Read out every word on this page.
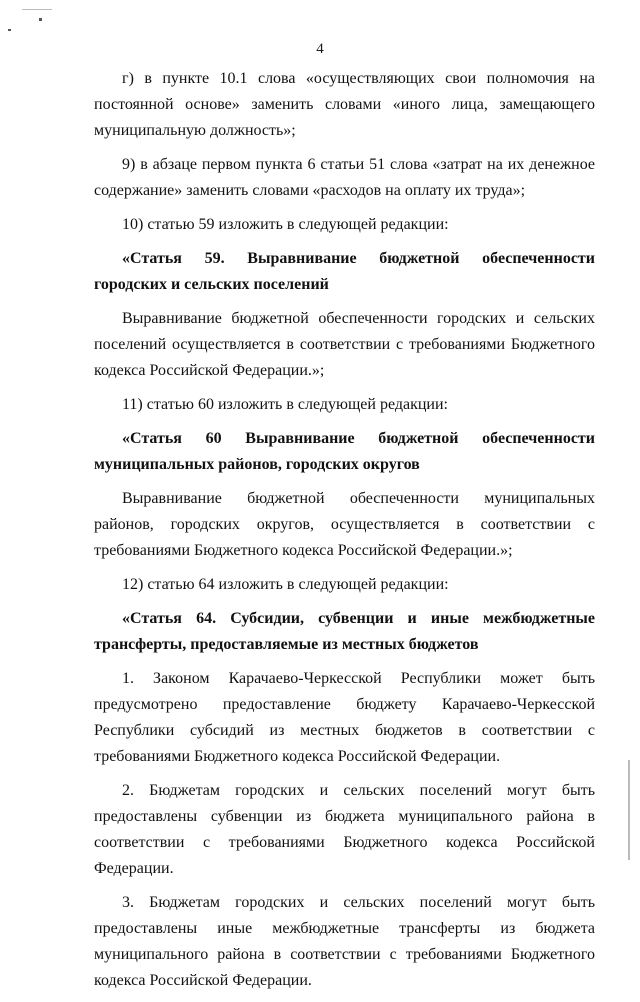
4

г) в пункте 10.1 слова «осуществляющих свои полномочия на постоянной основе» заменить словами «иного лица, замещающего муниципальную должность»;

9) в абзаце первом пункта 6 статьи 51 слова «затрат на их денежное содержание» заменить словами «расходов на оплату их труда»;

10) статью 59 изложить в следующей редакции:

«Статья 59. Выравнивание бюджетной обеспеченности городских и сельских поселений

Выравнивание бюджетной обеспеченности городских и сельских поселений осуществляется в соответствии с требованиями Бюджетного кодекса Российской Федерации.»;

11) статью 60 изложить в следующей редакции:

«Статья 60 Выравнивание бюджетной обеспеченности муниципальных районов, городских округов

Выравнивание бюджетной обеспеченности муниципальных районов, городских округов, осуществляется в соответствии с требованиями Бюджетного кодекса Российской Федерации.»;

12) статью 64 изложить в следующей редакции:

«Статья 64. Субсидии, субвенции и иные межбюджетные трансферты, предоставляемые из местных бюджетов

1. Законом Карачаево-Черкесской Республики может быть предусмотрено предоставление бюджету Карачаево-Черкесской Республики субсидий из местных бюджетов в соответствии с требованиями Бюджетного кодекса Российской Федерации.

2. Бюджетам городских и сельских поселений могут быть предоставлены субвенции из бюджета муниципального района в соответствии с требованиями Бюджетного кодекса Российской Федерации.

3. Бюджетам городских и сельских поселений могут быть предоставлены иные межбюджетные трансферты из бюджета муниципального района в соответствии с требованиями Бюджетного кодекса Российской Федерации.
